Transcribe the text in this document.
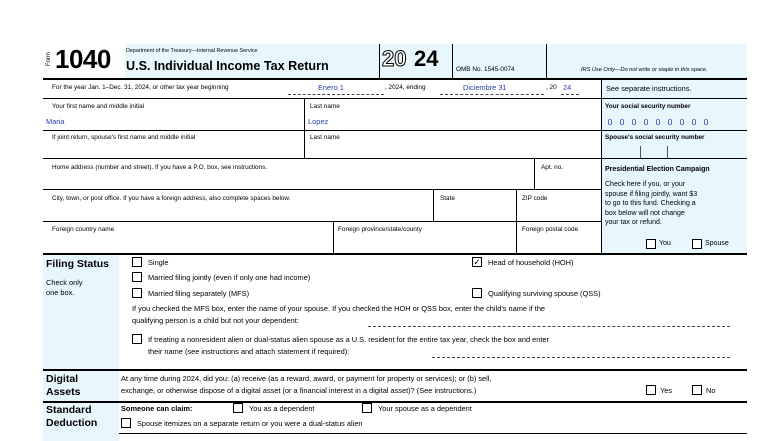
Form 1040	Department of the Treasury—Internal Revenue Service
U.S. Individual Income Tax Return 20 24	OMB No. 1545-0074	IRS Use Only—Do not write or staple in this space.
For the year Jan. 1–Dec. 31, 2024, or other tax year beginning	Enero 1	, 2024, ending	Diciembre 31	, 20 24	See separate instructions.
Your first name and middle initial
Maria
Last name
Lopez
Your social security number
0 0 0 0 0 0 0 0 0
If joint return, spouse's first name and middle initial	Last name	Spouse's social security number
Home address (number and street). If you have a P.O. box, see instructions.	Apt. no.
City, town, or post office. If you have a foreign address, also complete spaces below.	State	ZIP code
Foreign country name	Foreign province/state/county	Foreign postal code
Presidential Election Campaign
Check here if you, or your
spouse if filing jointly, want $3
to go to this fund. Checking a
box below will not change
your tax or refund.
You	Spouse
Filing Status
Check only
one box.
Single	✓ Head of household (HOH)
Married filing jointly (even if only one had income)
Married filing separately (MFS)	Qualifying surviving spouse (QSS)
If you checked the MFS box, enter the name of your spouse. If you checked the HOH or QSS box, enter the child's name if the
qualifying person is a child but not your dependent:
If treating a nonresident alien or dual-status alien spouse as a U.S. resident for the entire tax year, check the box and enter
their name (see instructions and attach statement if required):
Digital
Assets
At any time during 2024, did you: (a) receive (as a reward, award, or payment for property or services); or (b) sell,
exchange, or otherwise dispose of a digital asset (or a financial interest in a digital asset)? (See instructions.)	Yes	No
Standard
Deduction
Someone can claim:	You as a dependent	Your spouse as a dependent
Spouse itemizes on a separate return or you were a dual-status alien
